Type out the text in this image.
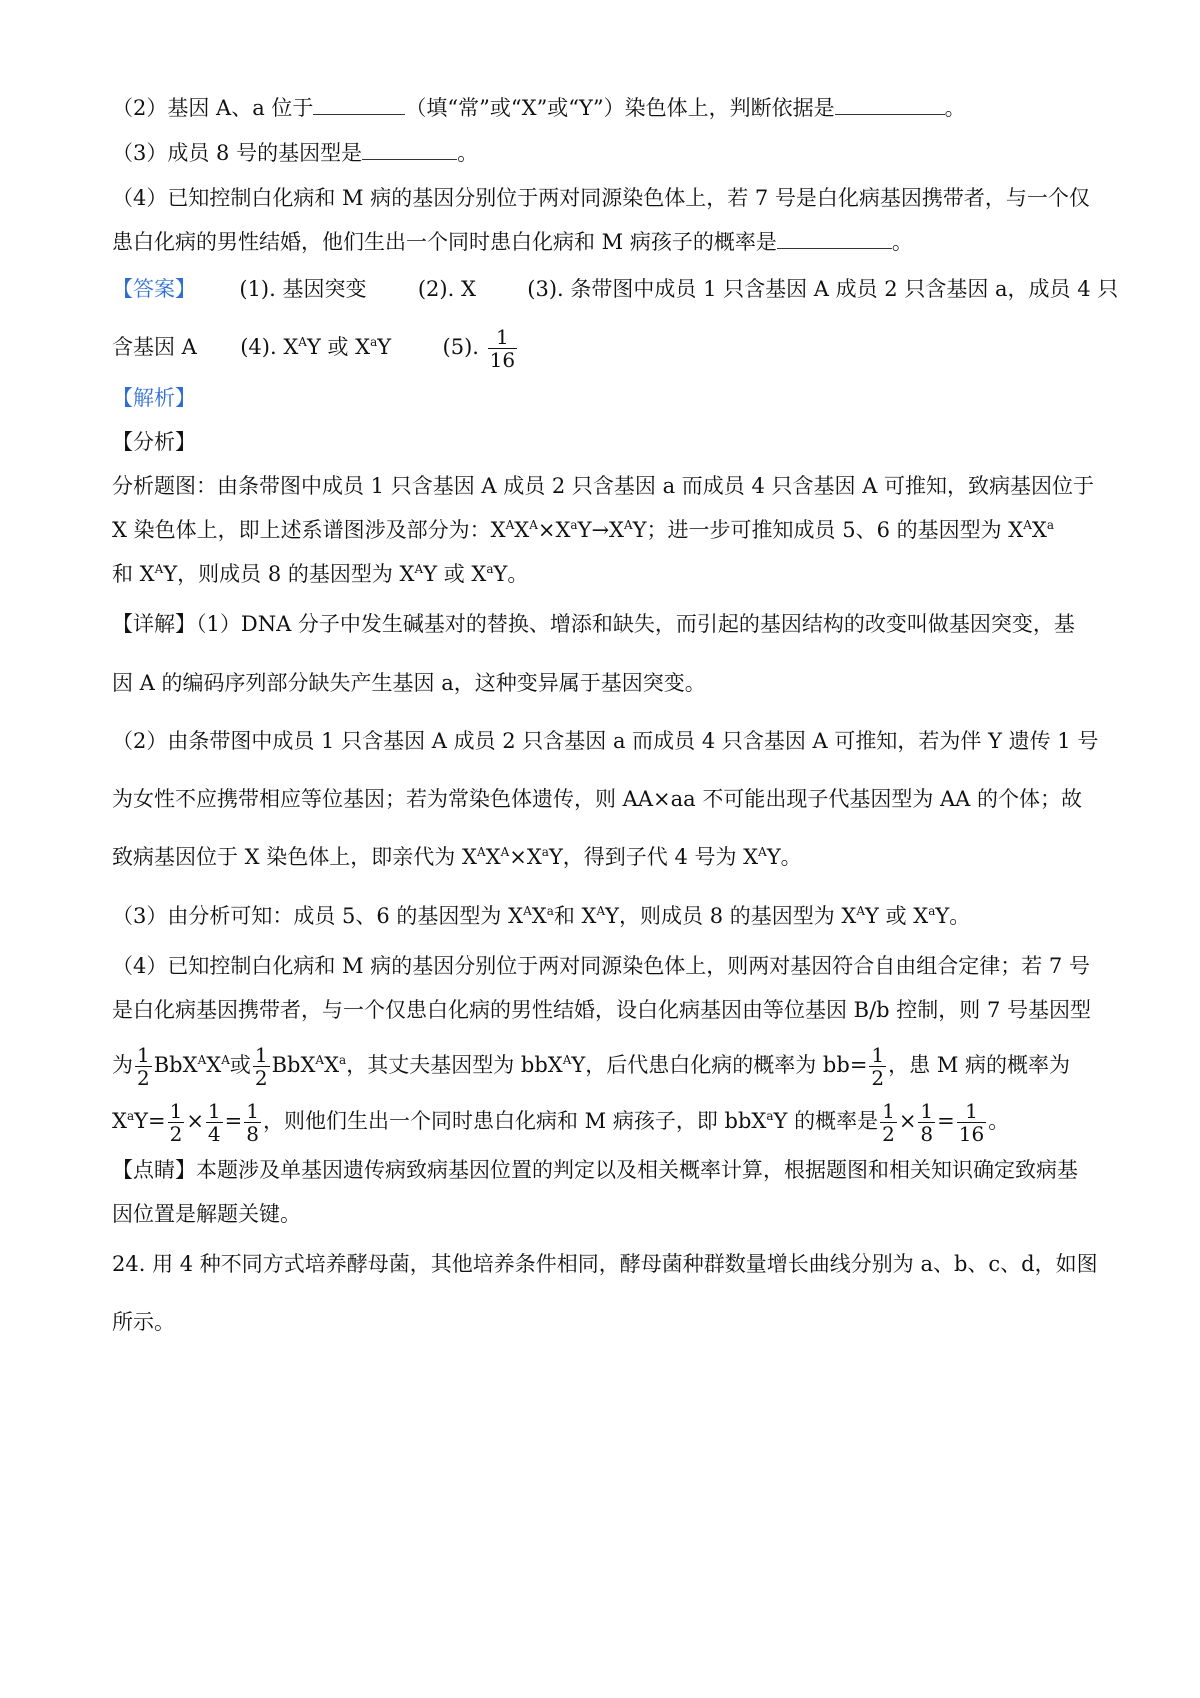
（2）基因 A、a 位于	（填“常”或“X”或“Y”）染色体上，判断依据是	。
（3）成员 8 号的基因型是	。
（4）已知控制白化病和 M 病的基因分别位于两对同源染色体上，若 7 号是白化病基因携带者，与一个仅
患白化病的男性结婚，他们生出一个同时患白化病和 M 病孩子的概率是	。
【答案】 (1). 基因突变 (2). X (3). 条带图中成员 1 只含基因 A 成员 2 只含基因 a，成员 4 只
含基因 A (4). $X^AY$ 或 $X^aY$ (5). $\frac{1}{16}$
【解析】
【分析】
分析题图：由条带图中成员 1 只含基因 A 成员 2 只含基因 a 而成员 4 只含基因 A 可推知，致病基因位于
X 染色体上，即上述系谱图涉及部分为：$X^AX^A\times X^aY\to X^AY$；进一步可推知成员 5、6 的基因型为 $X^AX^a$
和 $X^AY$，则成员 8 的基因型为 $X^AY$ 或 $X^aY$。
【详解】（1）DNA 分子中发生碱基对的替换、增添和缺失，而引起的基因结构的改变叫做基因突变，基
因 A 的编码序列部分缺失产生基因 a，这种变异属于基因突变。
（2）由条带图中成员 1 只含基因 A 成员 2 只含基因 a 而成员 4 只含基因 A 可推知，若为伴 Y 遗传 1 号
为女性不应携带相应等位基因；若为常染色体遗传，则 AA×aa 不可能出现子代基因型为 AA 的个体；故
致病基因位于 X 染色体上，即亲代为 $X^AX^A\times X^aY$，得到子代 4 号为 $X^AY$。
（3）由分析可知：成员 5、6 的基因型为 $X^AX^a$和 $X^AY$，则成员 8 的基因型为 $X^AY$ 或 $X^aY$。
（4）已知控制白化病和 M 病的基因分别位于两对同源染色体上，则两对基因符合自由组合定律；若 7 号
是白化病基因携带者，与一个仅患白化病的男性结婚，设白化病基因由等位基因 B/b 控制，则 7 号基因型
为 $\frac{1}{2} BbX^AX^A$或 $\frac{1}{2} BbX^AX^a$，其丈夫基因型为 bbX$^A$Y，后代患白化病的概率为 $bb= \frac{1}{2}$ ，患 M 病的概率为
$X^aY= \frac{1}{2} \times \frac{1}{4} = \frac{1}{8}$ ，则他们生出一个同时患白化病和 M 病孩子，即 bbX$^a$Y 的概率是 $\frac{1}{2} \times \frac{1}{8} = \frac{1}{16}$ 。
【点睛】本题涉及单基因遗传病致病基因位置的判定以及相关概率计算，根据题图和相关知识确定致病基
因位置是解题关键。
24. 用 4 种不同方式培养酵母菌，其他培养条件相同，酵母菌种群数量增长曲线分别为 a、b、c、d，如图
所示。
